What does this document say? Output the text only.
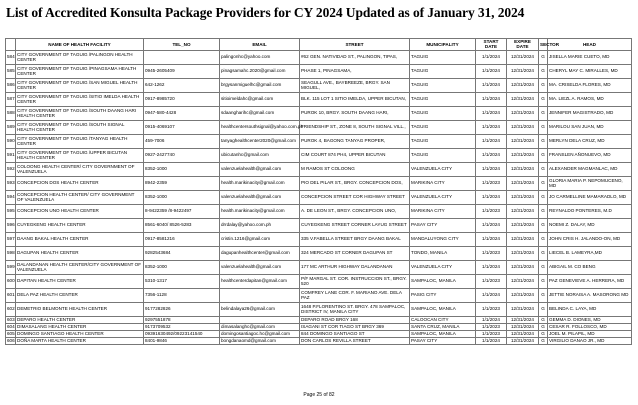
List of Accredited Konsulta Package Providers for CY 2024 Updated as of January 31, 2024
	NAME OF HEALTH FACILITY	TEL_NO	EMAIL	STREET	MUNICIPALITY	START DATE	EXPIRE DATE	SECTOR	HEAD
584	CITY GOVERNMENT OF TAGUIG /PALINGON HEALTH CENTER		palingonhc@yahoo.com	#62 GEN. NATIVIDAD ST., PALINGON, TIPAS,	TAGUIG	1/1/2024	12/31/2024	G	JISELLA MARIE CUETO, MD
585	CITY GOVERNMENT OF TAGUIG /PINAGSAMA HEALTH CENTER	0945-2605409	pinagsamahc.2020@gmail.com	PHASE 1, PINAGSAMA,	TAGUIG	1/1/2024	12/31/2024	G	CHERYL MAY C. MIRALLES, MD
586	CITY GOVERNMENT OF TAGUIG /SAN MIGUEL HEALTH CENTER	642-1262	brgysanmiguelhc@gmail.com	SEAGULL AVE., BAYBREEZE, BRGY. SAN MIGUEL,	TAGUIG	1/1/2024	12/31/2024	G	MA. CRISELDA FLORES, MD
587	CITY GOVERNMENT OF TAGUIG /SITIO IMELDA HEALTH CENTER	0917-8985720	sitioimeldahc@gmail.com	BLK. 115 LOT 1 SITIO IMELDA, UPPER BICUTAN,	TAGUIG	1/1/2024	12/31/2024	G	MA. LIEZL A. RAMOS, MD
588	CITY GOVERNMENT OF TAGUIG /SOUTH DAANG HARI HEALTH CENTER	0947-580-4428	sdaangharihc@gmail.com	PUROK 10, BRGY. SOUTH DAANG HARI,	TAGUIG	1/1/2024	12/31/2024	G	JENNIFER MAGISTRADO, MD
589	CITY GOVERNMENT OF TAGUIG /SOUTH SIGNAL HEALTH CENTER	0915-4069107	healthcentersouthsignal@yahoo.com.ph	FRIENDSHIP ST., ZONE 8, SOUTH SIGNAL VILL.,	TAGUIG	1/1/2024	12/31/2024	G	MARILOU SAN JUAN, MD
590	CITY GOVERNMENT OF TAGUIG /TANYAG HEALTH CENTER	459-7006	tanyaghealthcenter2020@gmail.com	PUROK 4, BAGONG TANYAG PROPER,	TAGUIG	1/1/2024	12/31/2024	G	MERLYN DELA CRUZ, MD
591	CITY GOVERNMENT OF TAGUIG /UPPER BICUTAN HEALTH CENTER	0927-2427740	ubicutanhc@gmail.com	CIM COURT 874 PH4, UPPER BICUTAN	TAGUIG	1/1/2024	12/31/2024	G	FRANSLEN AÑONUEVO, MD
592	COLOONG HEALTH CENTER/ CITY GOVERNMENT OF VALENZUELA	8352-1000	valenzuelahealth@gmail.com	M RAMOS ST COLOONG	VALENZUELA CITY	1/1/2024	12/31/2024	G	ALEXANDER MAGMANLAC, MD
593	CONCEPCION DOS HEALTH CENTER	8942-2359	health.marikinacity@gmail.com	PIO DEL PILAR ST., BRGY. CONCEPCION DOS,	MARIKINA CITY	1/1/2023	12/31/2024	G	GLORIA MARIA P. NEPOMUCENO, MD
594	CONCEPCION HEALTH CENTER/ CITY GOVERNMENT OF VALENZUELA	8352-1000	valenzuelahealth@gmail.com	CONCEPCION STREET COR HIGHWAY STREET	VALENZUELA CITY	1/1/2024	12/31/2024	G	JO CARMELLINE MAMARADLO, MD
595	CONCEPCION UNO HEALTH CENTER	8-9422359 /8-9422497	health.marikinacity@gmail.com	A. DE LEON ST., BRGY. CONCEPCION UNO,	MARIKINA CITY	1/1/2023	12/31/2024	G	REYNALDO PONTERES, M.D
596	CUYEGKENG HEALTH CENTER	8561-6040/ 8526-5283	drrdalay@yahoo.com.ph	CUYEGKENG STREET CORNER LAYUG STREET	PASAY CITY	1/1/2024	12/31/2024	G	NOEMI Z. DALAY, MD
597	DAANG BAKAL HEALTH CENTER	0917-8581216	cristin.1216@gmail.com	335 V.FABELLA STREET BRGY DAANG BAKAL	MANDALUYONG CITY	1/1/2024	12/31/2024	G	JOHN CRIS H. JALANDO-ON, MD
598	DAGUPAN HEALTH CENTER	9282543684	dagupanhealthcenter@gmail.com	324 MERCADO ST CORNER DAGUPAN ST	TONDO, MANILA	1/1/2023	12/31/2024	G	LIECEL B. LAMEYRA,MD
599	DALANDANAN HEALTH CENTER/CITY GOVERNMENT OF VALENZUELA	8352-1000	valenzuelahealth@gmail.com	177 MC ARTHUR HIGHWAY DALANDANAN	VALENZUELA CITY	1/1/2024	12/31/2024	G	ABIGAIL M. CO BENG
600	DAPITAN HEALTH CENTER	5310-1317	healthcenterdapitan@gmail.com	P/F MARGAL ST. COR. INSTRUCCION ST., BRGY. 520	SAMPALOC, MANILA	1/1/2023	12/31/2024	G	PAZ GENEVIEVE A. HERRERA, MD
601	DELA PAZ HEALTH CENTER	7356-1128		COMFREY LANE COR. F. MARIANO AVE. DELA PAZ	PASIG CITY	1/1/2024	12/31/2024	G	JETTIE NORAISA A. MASORONG MD
602	DEMETRIO BELMONTE HEALTH CENTER	9177282826	belindalaya26@gmail.com	1648 P.FLORENTINO ST. BRGY. 478 SAMPALOC, DISTRICT IV, MANILA CITY	SAMPALOC, MANILA	1/1/2023	12/31/2024	G	BELINDA C. LAYA, MD
603	DEPARO HEALTH CENTER	9297551878		DEPARO ROAD BRGY 168	CALOOCAN CITY	1/1/2024	12/31/2024	G	GEMMA D. DIONES, MD
604	DIMASALANG HEALTH CENTER	9173709532	dimasalanghc@gmail.com	ISAGANI ST COR TIAGO ST BRGY 369	SANTA CRUZ, MANILA	1/1/2023	12/31/2024	G	CESAR R. FOLLOSCO, MD
605	DOMINGO SANTIAGO HEALTH CENTER	09391630492/09223141540	domingosantiagoc.hc@gmail.com	844 DOMINGO SANTIAGO ST	SAMPALOC, MANILA	1/1/2023	12/31/2024	G	JOEL M. PILAPIL, MD
606	DOÑA MARTA HEALTH CENTER	8401-9846	bongdanaomd@gmail.com	DON CARLOS REVILLA STREET	PASAY CITY	1/1/2024	12/31/2024	G	VIRGILIO DANAO JR., MD
Page 25 of 82
